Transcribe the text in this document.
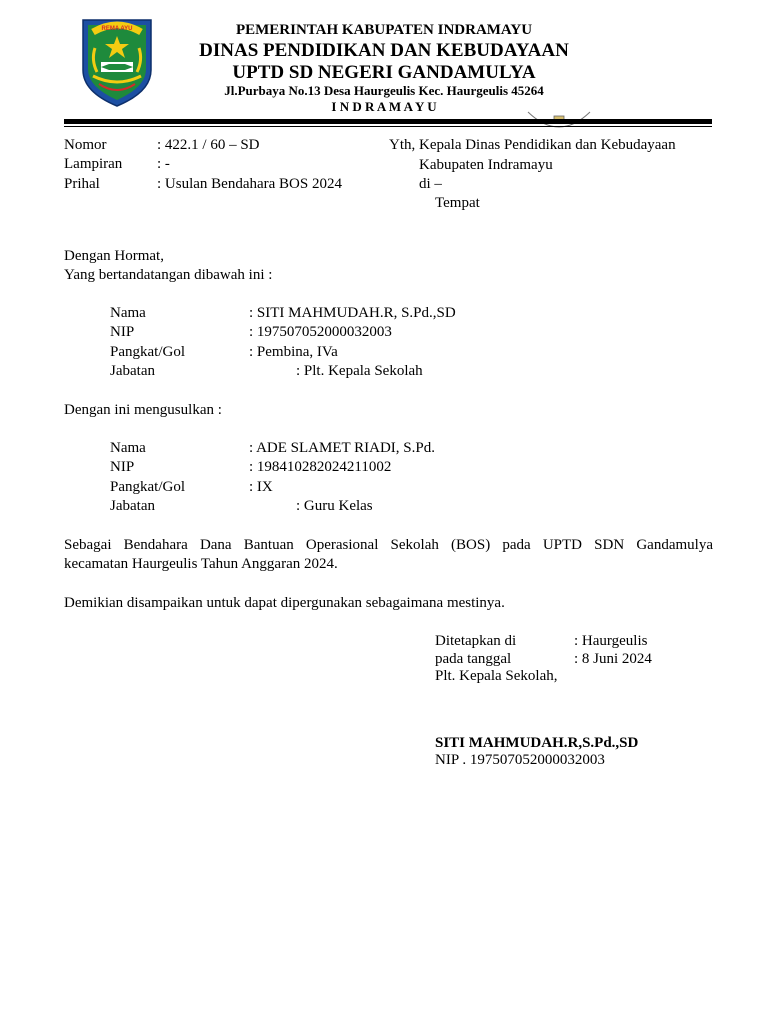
REMA AYU	PEMERINTAH KABUPATEN INDRAMAYU
DINAS PENDIDIKAN DAN KEBUDAYAAN
UPTD SD NEGERI GANDAMULYA
Jl.Purbaya No.13 Desa Haurgeulis Kec. Haurgeulis 45264
I N D R A M A Y U
Nomor	: 422.1 / 60 – SD
Lampiran : -
Prihal	: Usulan Bendahara BOS 2024
Yth, Kepala Dinas Pendidikan dan Kebudayaan
Kabupaten Indramayu
di –
Tempat
Dengan Hormat,
Yang bertandatangan dibawah ini :
Nama	: SITI MAHMUDAH.R, S.Pd.,SD
NIP	: 197507052000032003
Pangkat/Gol	: Pembina, IVa
Jabatan	: Plt. Kepala Sekolah
Dengan ini mengusulkan :
Nama	: ADE SLAMET RIADI, S.Pd.
NIP	: 198410282024211002
Pangkat/Gol	: IX
Jabatan	: Guru Kelas
Sebagai Bendahara Dana Bantuan Operasional Sekolah (BOS) pada UPTD SDN Gandamulya
kecamatan Haurgeulis Tahun Anggaran 2024.
Demikian disampaikan untuk dapat dipergunakan sebagaimana mestinya.
Ditetapkan di	: Haurgeulis
pada tanggal	: 8 Juni 2024
Plt. Kepala Sekolah,
SITI MAHMUDAH.R,S.Pd.,SD
NIP . 197507052000032003
